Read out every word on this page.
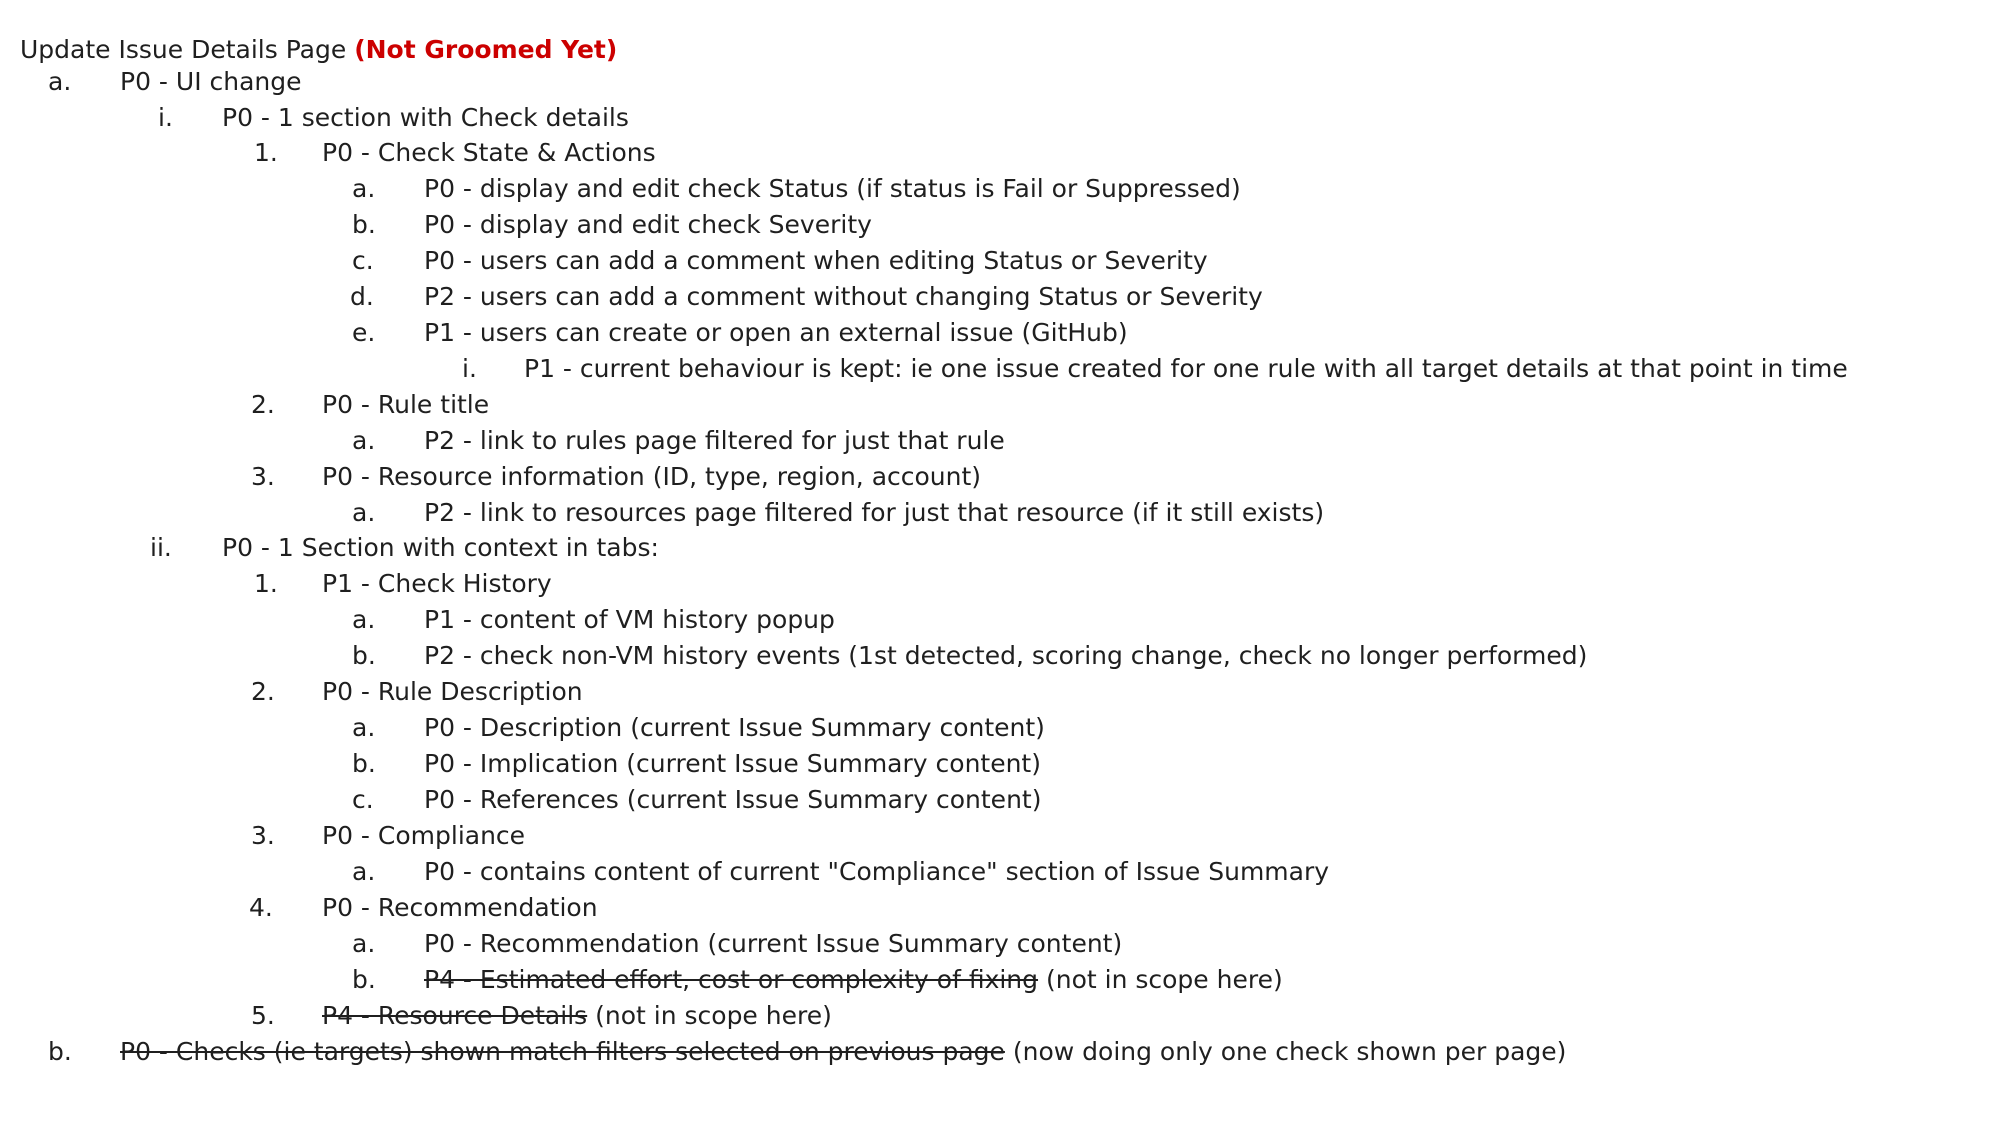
Update Issue Details Page (Not Groomed Yet)
a. P0 - UI change
i. P0 - 1 section with Check details
1. P0 - Check State & Actions
a. P0 - display and edit check Status (if status is Fail or Suppressed)
b. P0 - display and edit check Severity
c. P0 - users can add a comment when editing Status or Severity
d. P2 - users can add a comment without changing Status or Severity
e. P1 - users can create or open an external issue (GitHub)
i. P1 - current behaviour is kept: ie one issue created for one rule with all target details at that point in time
2. P0 - Rule title
a. P2 - link to rules page filtered for just that rule
3. P0 - Resource information (ID, type, region, account)
a. P2 - link to resources page filtered for just that resource (if it still exists)
ii. P0 - 1 Section with context in tabs:
1. P1 - Check History
a. P1 - content of VM history popup
b. P2 - check non-VM history events (1st detected, scoring change, check no longer performed)
2. P0 - Rule Description
a. P0 - Description (current Issue Summary content)
b. P0 - Implication (current Issue Summary content)
c. P0 - References (current Issue Summary content)
3. P0 - Compliance
a. P0 - contains content of current "Compliance" section of Issue Summary
4. P0 - Recommendation
a. P0 - Recommendation (current Issue Summary content)
b. P4 - Estimated effort, cost or complexity of fixing (not in scope here)
5. P4 - Resource Details (not in scope here)
b. P0 - Checks (ie targets) shown match filters selected on previous page (now doing only one check shown per page)
